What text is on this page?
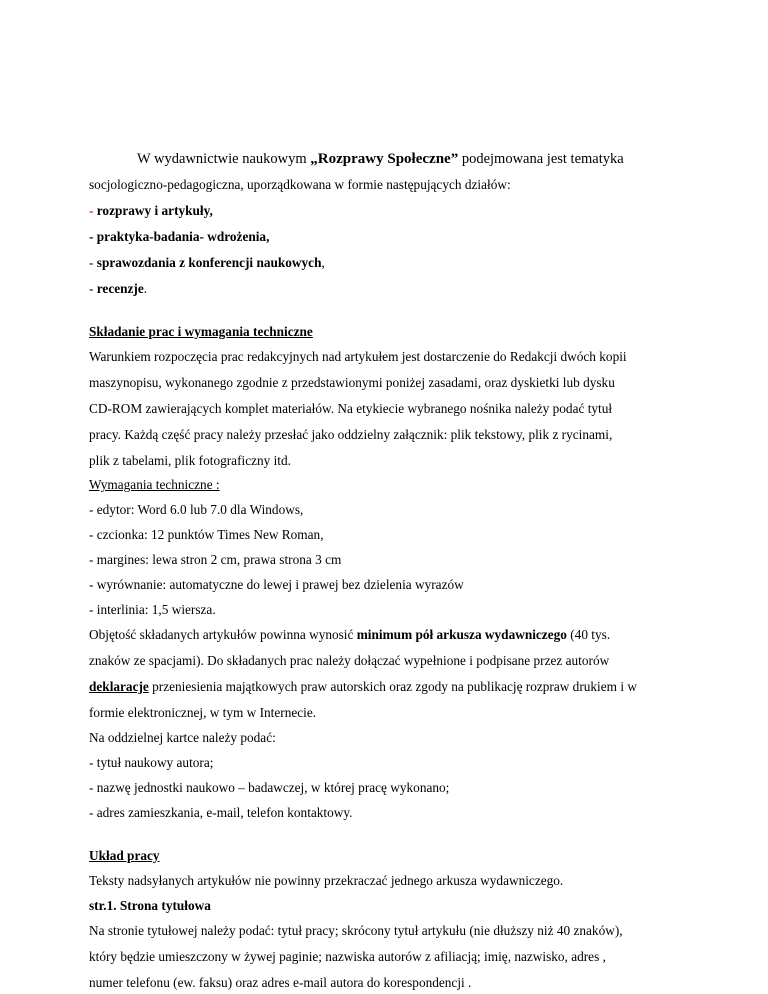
W wydawnictwie naukowym „Rozprawy Społeczne” podejmowana jest tematyka
socjologiczno-pedagogiczna, uporządkowana w formie następujących działów:
- rozprawy i artykuły,
- praktyka-badania- wdrożenia,
- sprawozdania z konferencji naukowych,
- recenzje.
Składanie prac i wymagania techniczne
Warunkiem rozpoczęcia prac redakcyjnych nad artykułem jest dostarczenie do Redakcji dwóch kopii
maszynopisu, wykonanego zgodnie z przedstawionymi poniżej zasadami, oraz dyskietki lub dysku
CD-ROM zawierających komplet materiałów. Na etykiecie wybranego nośnika należy podać tytuł
pracy. Każdą część pracy należy przesłać jako oddzielny załącznik: plik tekstowy, plik z rycinami,
plik z tabelami, plik fotograficzny itd.
Wymagania techniczne :
- edytor: Word 6.0 lub 7.0 dla Windows,
- czcionka: 12 punktów Times New Roman,
- margines: lewa stron 2 cm, prawa strona 3 cm
- wyrównanie: automatyczne do lewej i prawej bez dzielenia wyrazów
- interlinia: 1,5 wiersza.
Objętość składanych artykułów powinna wynosić minimum pół arkusza wydawniczego (40 tys.
znaków ze spacjami). Do składanych prac należy dołączać wypełnione i podpisane przez autorów
deklaracje przeniesienia majątkowych praw autorskich oraz zgody na publikację rozpraw drukiem i w
formie elektronicznej, w tym w Internecie.
Na oddzielnej kartce należy podać:
- tytuł naukowy autora;
- nazwę jednostki naukowo – badawczej, w której pracę wykonano;
- adres zamieszkania, e-mail, telefon kontaktowy.
Układ pracy
Teksty nadsyłanych artykułów nie powinny przekraczać jednego arkusza wydawniczego.
str.1. Strona tytułowa
Na stronie tytułowej należy podać: tytuł pracy; skrócony tytuł artykułu (nie dłuższy niż 40 znaków),
który będzie umieszczony w żywej paginie; nazwiska autorów z afiliacją; imię, nazwisko, adres ,
numer telefonu (ew. faksu) oraz adres e-mail autora do korespondencji .
